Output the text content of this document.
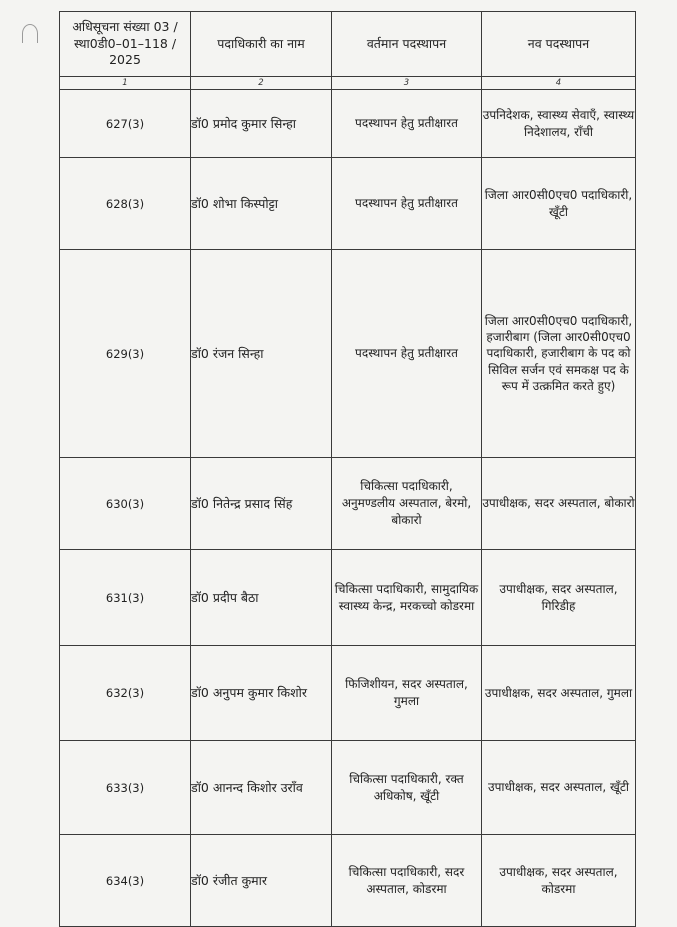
अधिसूचना संख्या 03 / स्था0डी0–01–118 / 2025	पदाधिकारी का नाम	वर्तमान पदस्थापन	नव पदस्थापन
1	2	3	4
627(3)	डॉ0 प्रमोद कुमार सिन्हा	पदस्थापन हेतु प्रतीक्षारत	उपनिदेशक, स्वास्थ्य सेवाएँ, स्वास्थ्य निदेशालय, राँची
628(3)	डॉ0 शोभा किस्पोट्टा	पदस्थापन हेतु प्रतीक्षारत	जिला आर0सी0एच0 पदाधिकारी, खूँटी
629(3)	डॉ0 रंजन सिन्हा	पदस्थापन हेतु प्रतीक्षारत	जिला आर0सी0एच0 पदाधिकारी, हजारीबाग (जिला आर0सी0एच0 पदाधिकारी, हजारीबाग के पद को सिविल सर्जन एवं समकक्ष पद के रूप में उत्क्रमित करते हुए)
630(3)	डॉ0 नितेन्द्र प्रसाद सिंह	चिकित्सा पदाधिकारी, अनुमण्डलीय अस्पताल, बेरमो, बोकारो	उपाधीक्षक, सदर अस्पताल, बोकारो
631(3)	डॉ0 प्रदीप बैठा	चिकित्सा पदाधिकारी, सामुदायिक स्वास्थ्य केन्द्र, मरकच्चो कोडरमा	उपाधीक्षक, सदर अस्पताल, गिरिडीह
632(3)	डॉ0 अनुपम कुमार किशोर	फिजिशीयन, सदर अस्पताल, गुमला	उपाधीक्षक, सदर अस्पताल, गुमला
633(3)	डॉ0 आनन्द किशोर उराँव	चिकित्सा पदाधिकारी, रक्त अधिकोष, खूँटी	उपाधीक्षक, सदर अस्पताल, खूँटी
634(3)	डॉ0 रंजीत कुमार	चिकित्सा पदाधिकारी, सदर अस्पताल, कोडरमा	उपाधीक्षक, सदर अस्पताल, कोडरमा
